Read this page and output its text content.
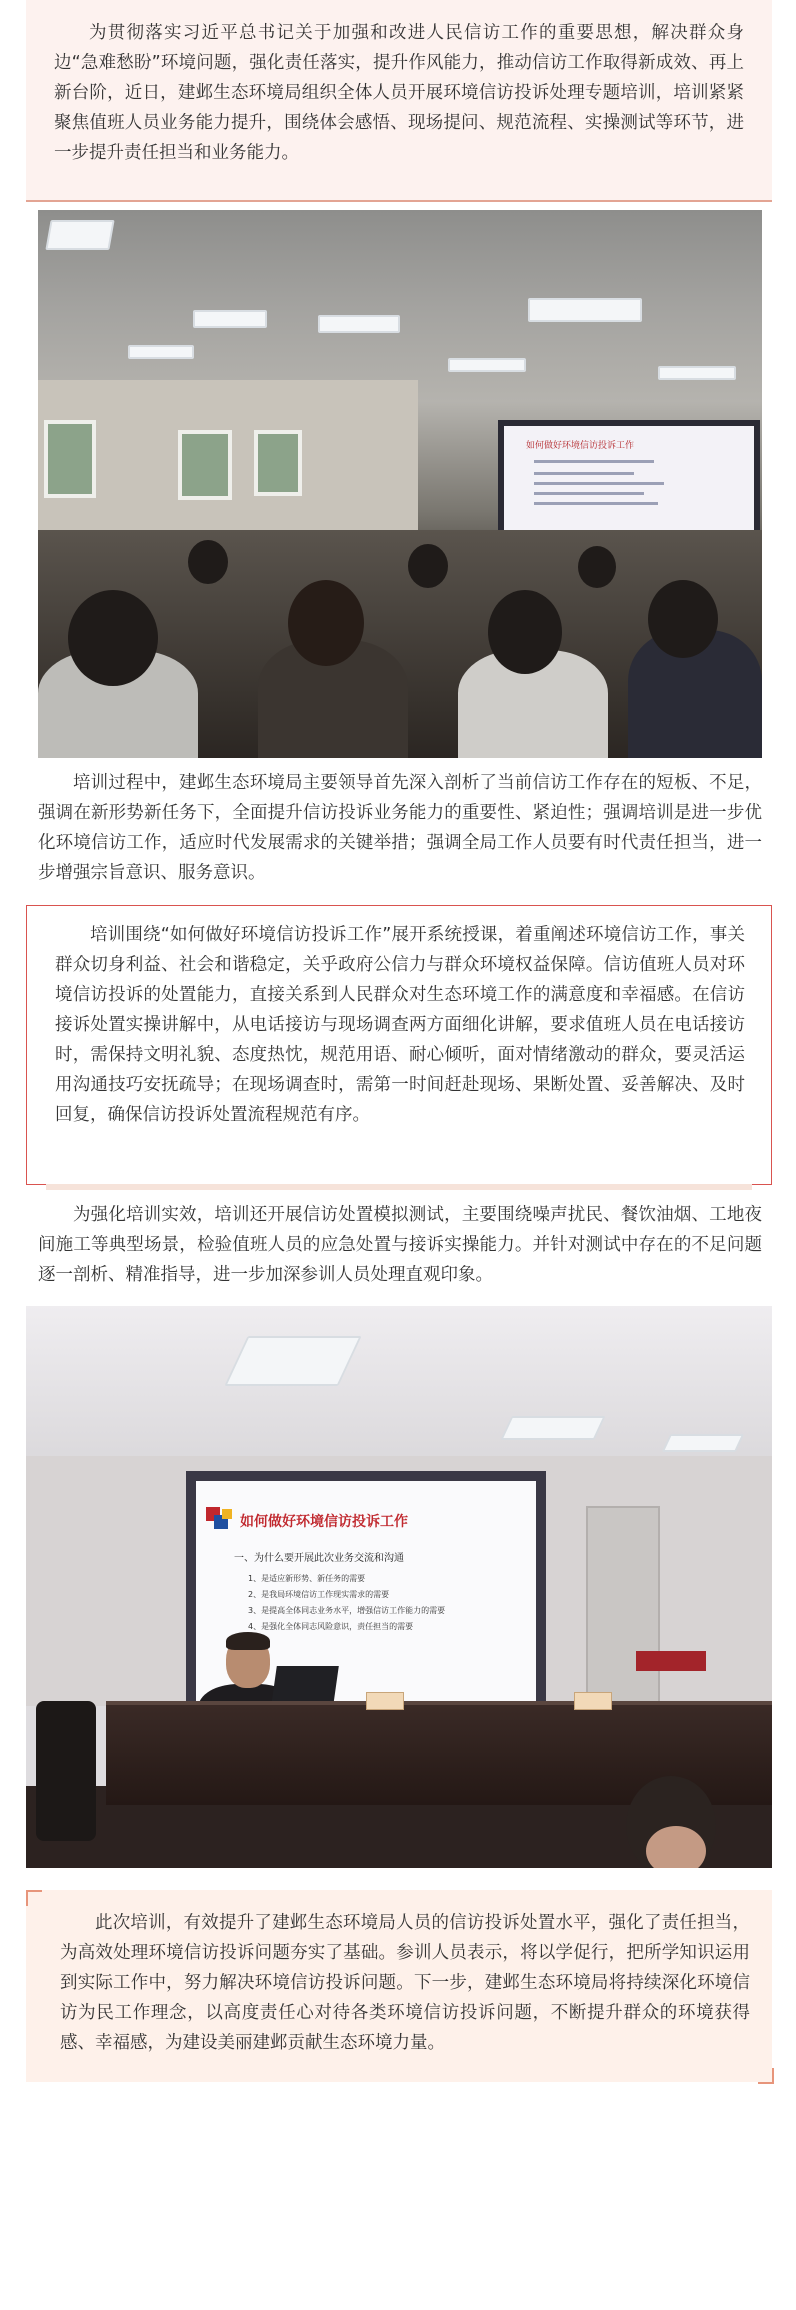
为贯彻落实习近平总书记关于加强和改进人民信访工作的重要思想，解决群众身边“急难愁盼”环境问题，强化责任落实，提升作风能力，推动信访工作取得新成效、再上新台阶，近日，建邺生态环境局组织全体人员开展环境信访投诉处理专题培训，培训紧紧聚焦值班人员业务能力提升，围绕体会感悟、现场提问、规范流程、实操测试等环节，进一步提升责任担当和业务能力。

如何做好环境信访投诉工作

培训过程中，建邺生态环境局主要领导首先深入剖析了当前信访工作存在的短板、不足，强调在新形势新任务下，全面提升信访投诉业务能力的重要性、紧迫性；强调培训是进一步优化环境信访工作，适应时代发展需求的关键举措；强调全局工作人员要有时代责任担当，进一步增强宗旨意识、服务意识。

培训围绕“如何做好环境信访投诉工作”展开系统授课，着重阐述环境信访工作，事关群众切身利益、社会和谐稳定，关乎政府公信力与群众环境权益保障。信访值班人员对环境信访投诉的处置能力，直接关系到人民群众对生态环境工作的满意度和幸福感。在信访接诉处置实操讲解中，从电话接访与现场调查两方面细化讲解，要求值班人员在电话接访时，需保持文明礼貌、态度热忱，规范用语、耐心倾听，面对情绪激动的群众，要灵活运用沟通技巧安抚疏导；在现场调查时，需第一时间赶赴现场、果断处置、妥善解决、及时回复，确保信访投诉处置流程规范有序。

为强化培训实效，培训还开展信访处置模拟测试，主要围绕噪声扰民、餐饮油烟、工地夜间施工等典型场景，检验值班人员的应急处置与接诉实操能力。并针对测试中存在的不足问题逐一剖析、精准指导，进一步加深参训人员处理直观印象。

如何做好环境信访投诉工作
一、为什么要开展此次业务交流和沟通
1、是适应新形势、新任务的需要
2、是我局环境信访工作现实需求的需要
3、是提高全体同志业务水平，增强信访工作能力的需要
4、是强化全体同志风险意识，责任担当的需要

此次培训，有效提升了建邺生态环境局人员的信访投诉处置水平，强化了责任担当，为高效处理环境信访投诉问题夯实了基础。参训人员表示，将以学促行，把所学知识运用到实际工作中，努力解决环境信访投诉问题。下一步，建邺生态环境局将持续深化环境信访为民工作理念，以高度责任心对待各类环境信访投诉问题，不断提升群众的环境获得感、幸福感，为建设美丽建邺贡献生态环境力量。
